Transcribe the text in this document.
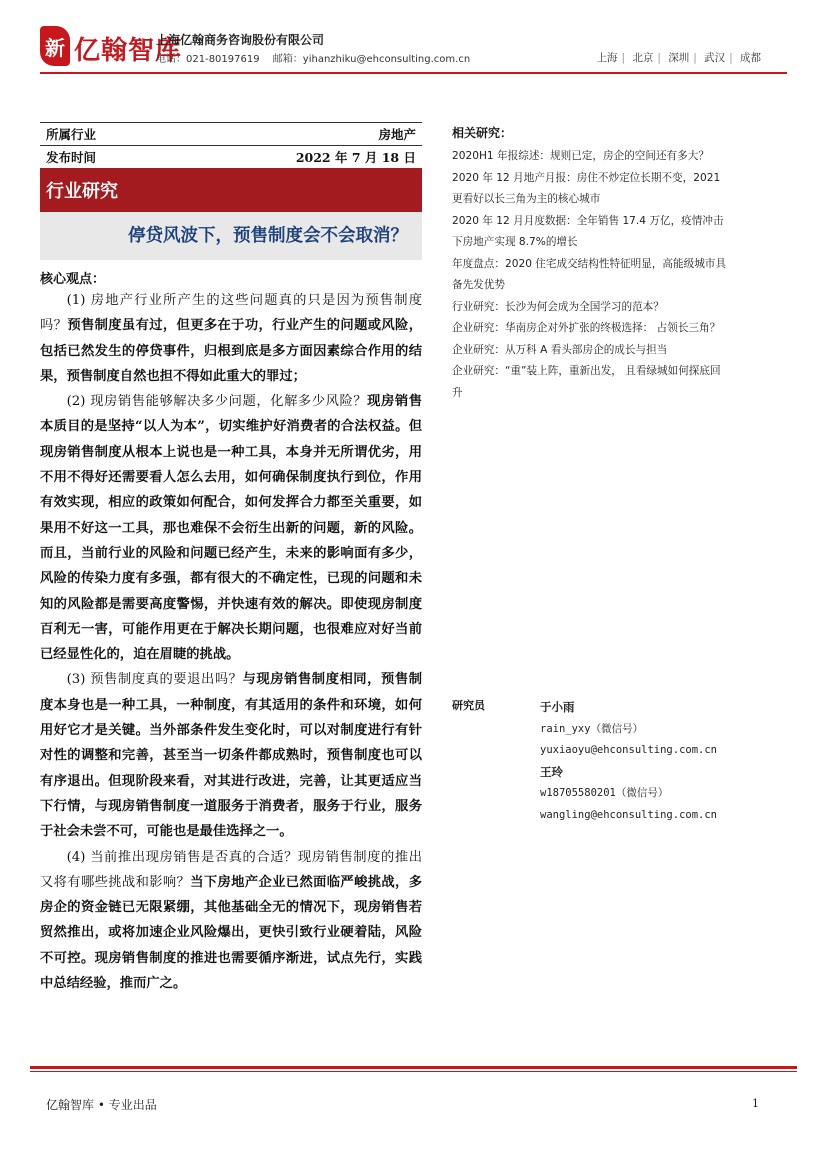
新 亿翰智库
上海亿翰商务咨询股份有限公司
电话：021-80197619 邮箱：yihanzhiku@ehconsulting.com.cn	上海 | 北京 | 深圳 | 武汉 | 成都
所属行业	房地产
发布时间	2022 年 7 月 18 日
行业研究
停贷风波下，预售制度会不会取消？
核心观点：

(1) 房地产行业所产生的这些问题真的只是因为预售制度吗？预售制度虽有过，但更多在于功，行业产生的问题或风险，包括已然发生的停贷事件，归根到底是多方面因素综合作用的结果，预售制度自然也担不得如此重大的罪过；

(2) 现房销售能够解决多少问题，化解多少风险？现房销售本质目的是坚持“以人为本”，切实维护好消费者的合法权益。但现房销售制度从根本上说也是一种工具，本身并无所谓优劣，用不用不得好还需要看人怎么去用，如何确保制度执行到位，作用有效实现，相应的政策如何配合，如何发挥合力都至关重要，如果用不好这一工具，那也难保不会衍生出新的问题，新的风险。而且，当前行业的风险和问题已经产生，未来的影响面有多少，风险的传染力度有多强，都有很大的不确定性，已现的问题和未知的风险都是需要高度警惕，并快速有效的解决。即使现房制度百利无一害，可能作用更在于解决长期问题，也很难应对好当前已经显性化的，迫在眉睫的挑战。

(3) 预售制度真的要退出吗？与现房销售制度相同，预售制度本身也是一种工具，一种制度，有其适用的条件和环境，如何用好它才是关键。当外部条件发生变化时，可以对制度进行有针对性的调整和完善，甚至当一切条件都成熟时，预售制度也可以有序退出。但现阶段来看，对其进行改进，完善，让其更适应当下行情，与现房销售制度一道服务于消费者，服务于行业，服务于社会未尝不可，可能也是最佳选择之一。

(4) 当前推出现房销售是否真的合适？现房销售制度的推出又将有哪些挑战和影响？当下房地产企业已然面临严峻挑战，多房企的资金链已无限紧绷，其他基础全无的情况下，现房销售若贸然推出，或将加速企业风险爆出，更快引致行业硬着陆，风险不可控。现房销售制度的推进也需要循序渐进，试点先行，实践中总结经验，推而广之。

相关研究：
2020H1 年报综述：规则已定，房企的空间还有多大？
2020 年 12 月地产月报：房住不炒定位长期不变，2021 更看好以长三角为主的核心城市
2020 年 12 月月度数据：全年销售 17.4 万亿，疫情冲击下房地产实现 8.7%的增长
年度盘点：2020 住宅成交结构性特征明显，高能级城市具备先发优势
行业研究：长沙为何会成为全国学习的范本？
企业研究：华南房企对外扩张的终极选择： 占领长三角？
企业研究：从万科 A 看头部房企的成长与担当
企业研究：“重”装上阵，重新出发， 且看绿城如何探底回升
研究员	于小雨
rain_yxy（微信号）
yuxiaoyu@ehconsulting.com.cn
王玲
w18705580201（微信号）
wangling@ehconsulting.com.cn
亿翰智库 • 专业出品	1
